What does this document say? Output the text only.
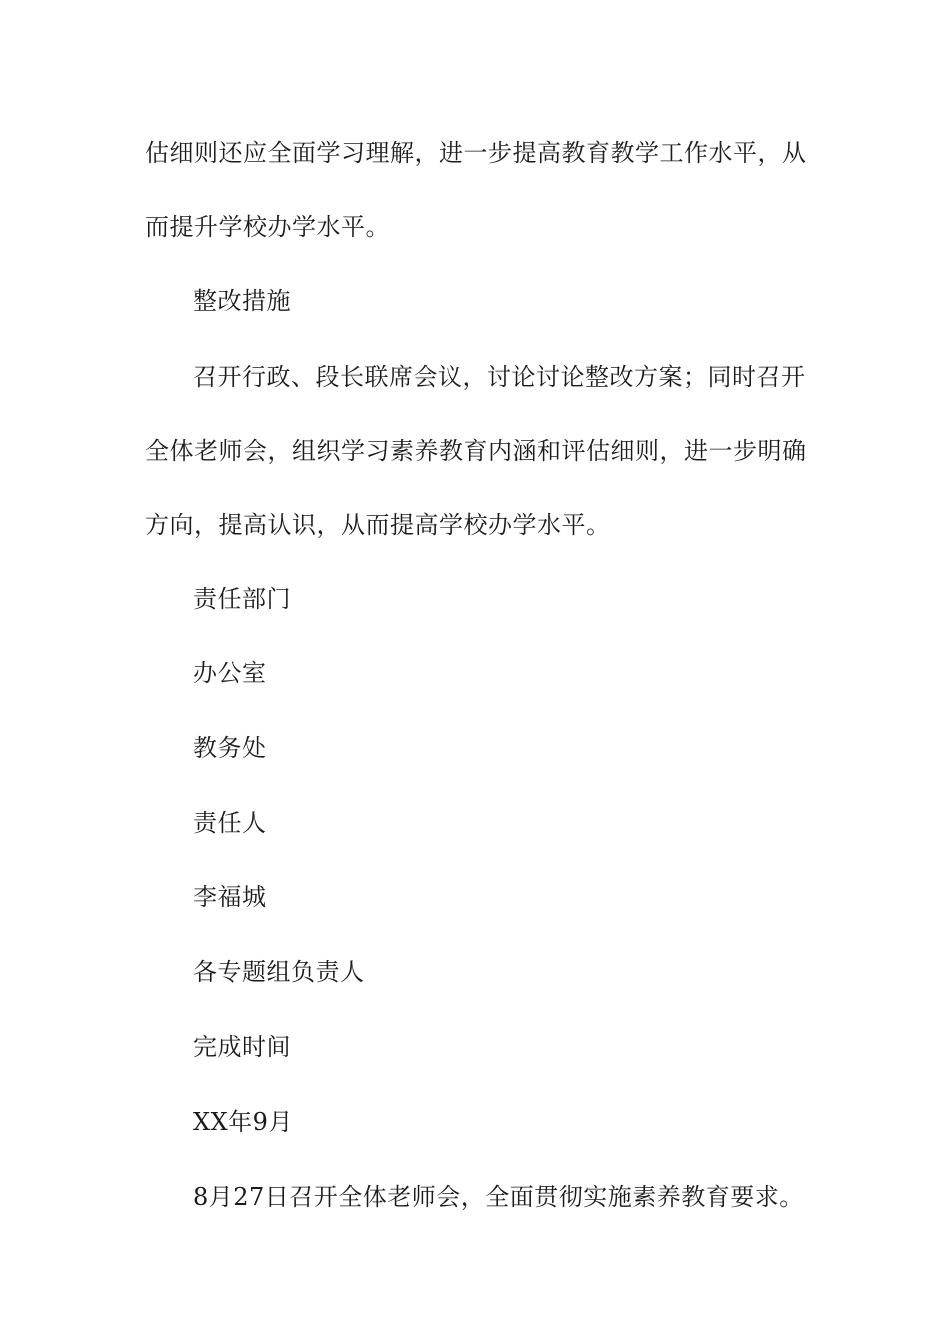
估细则还应全面学习理解，进一步提高教育教学工作水平，从
而提升学校办学水平。
整改措施
召开行政、段长联席会议，讨论讨论整改方案；同时召开
全体老师会，组织学习素养教育内涵和评估细则，进一步明确
方向，提高认识，从而提高学校办学水平。
责任部门
办公室
教务处
责任人
李福城
各专题组负责人
完成时间
XX年9月
8月27日召开全体老师会，全面贯彻实施素养教育要求。
